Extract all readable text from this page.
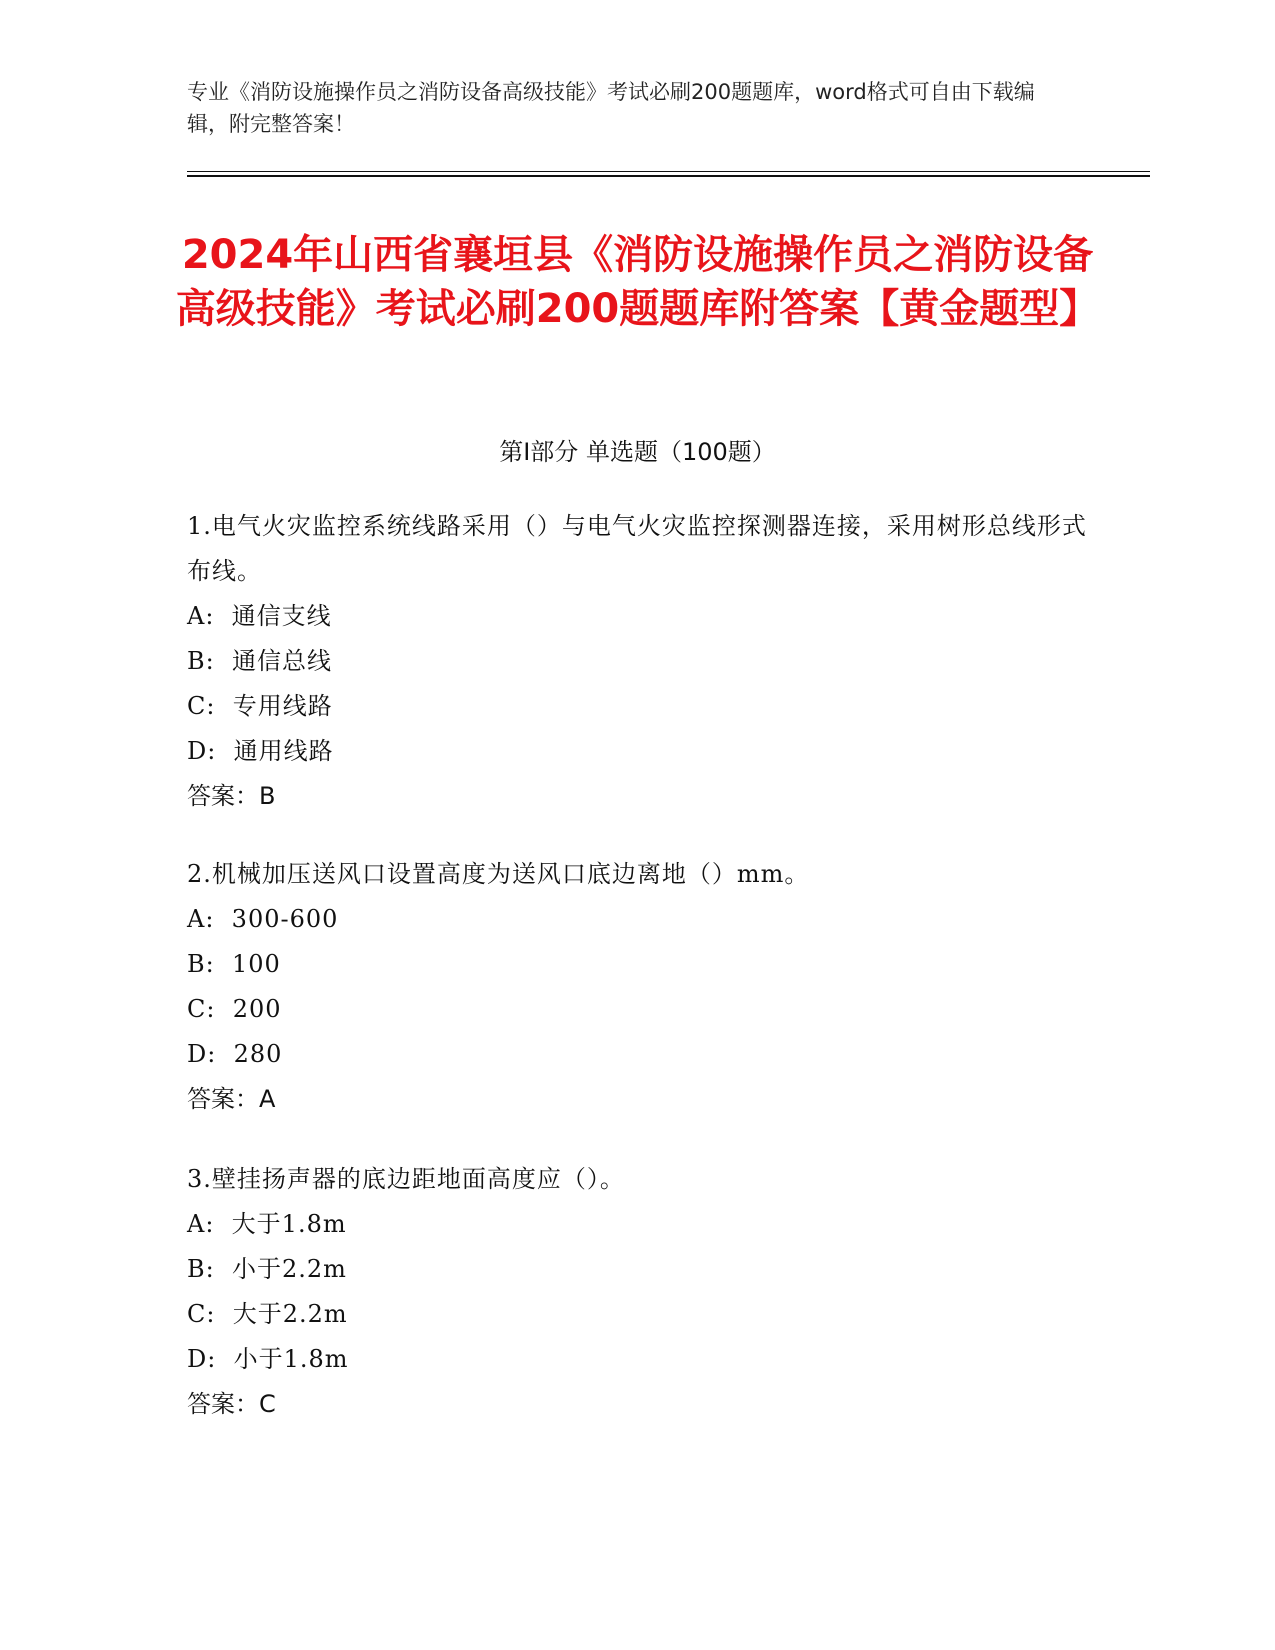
专业《消防设施操作员之消防设备高级技能》考试必刷200题题库，word格式可自由下载编辑，附完整答案！
2024年山西省襄垣县《消防设施操作员之消防设备高级技能》考试必刷200题题库附答案【黄金题型】
第I部分 单选题（100题）
1.电气火灾监控系统线路采用（）与电气火灾监控探测器连接，采用树形总线形式布线。
A:  通信支线
B:  通信总线
C:  专用线路
D:  通用线路
答案：B
2.机械加压送风口设置高度为送风口底边离地（）mm。
A:  300-600
B:  100
C:  200
D:  280
答案：A
3.壁挂扬声器的底边距地面高度应（）。
A:  大于1.8m
B:  小于2.2m
C:  大于2.2m
D:  小于1.8m
答案：C
